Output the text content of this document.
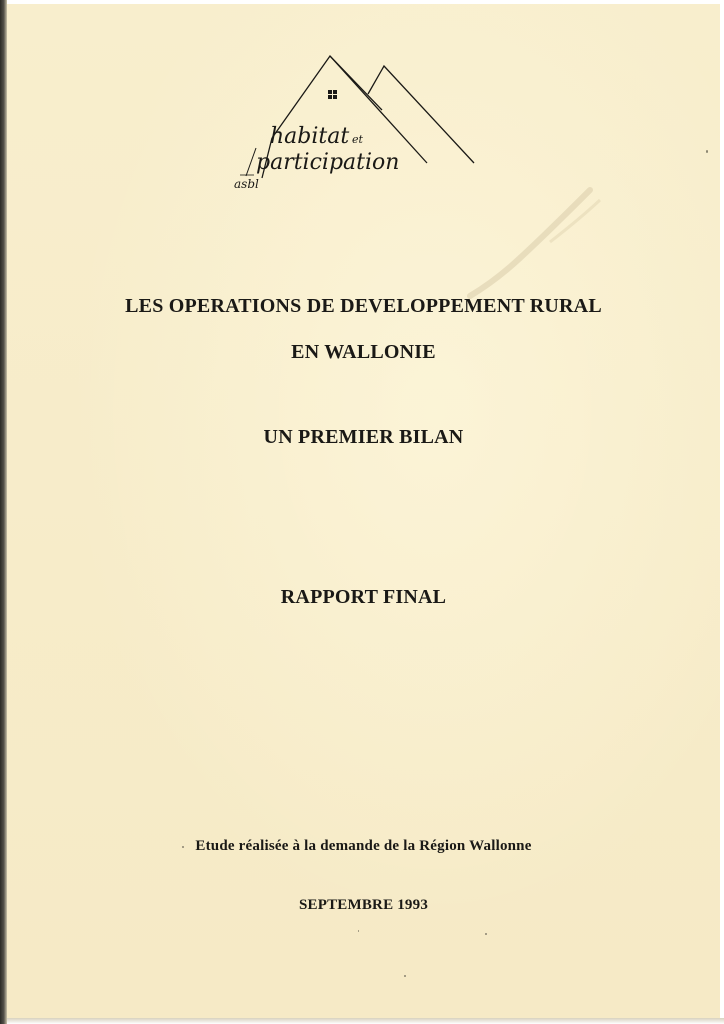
habitat et
participation
asbl
LES OPERATIONS DE DEVELOPPEMENT RURAL
EN WALLONIE
UN PREMIER BILAN
RAPPORT FINAL
Etude réalisée à la demande de la Région Wallonne
SEPTEMBRE 1993
